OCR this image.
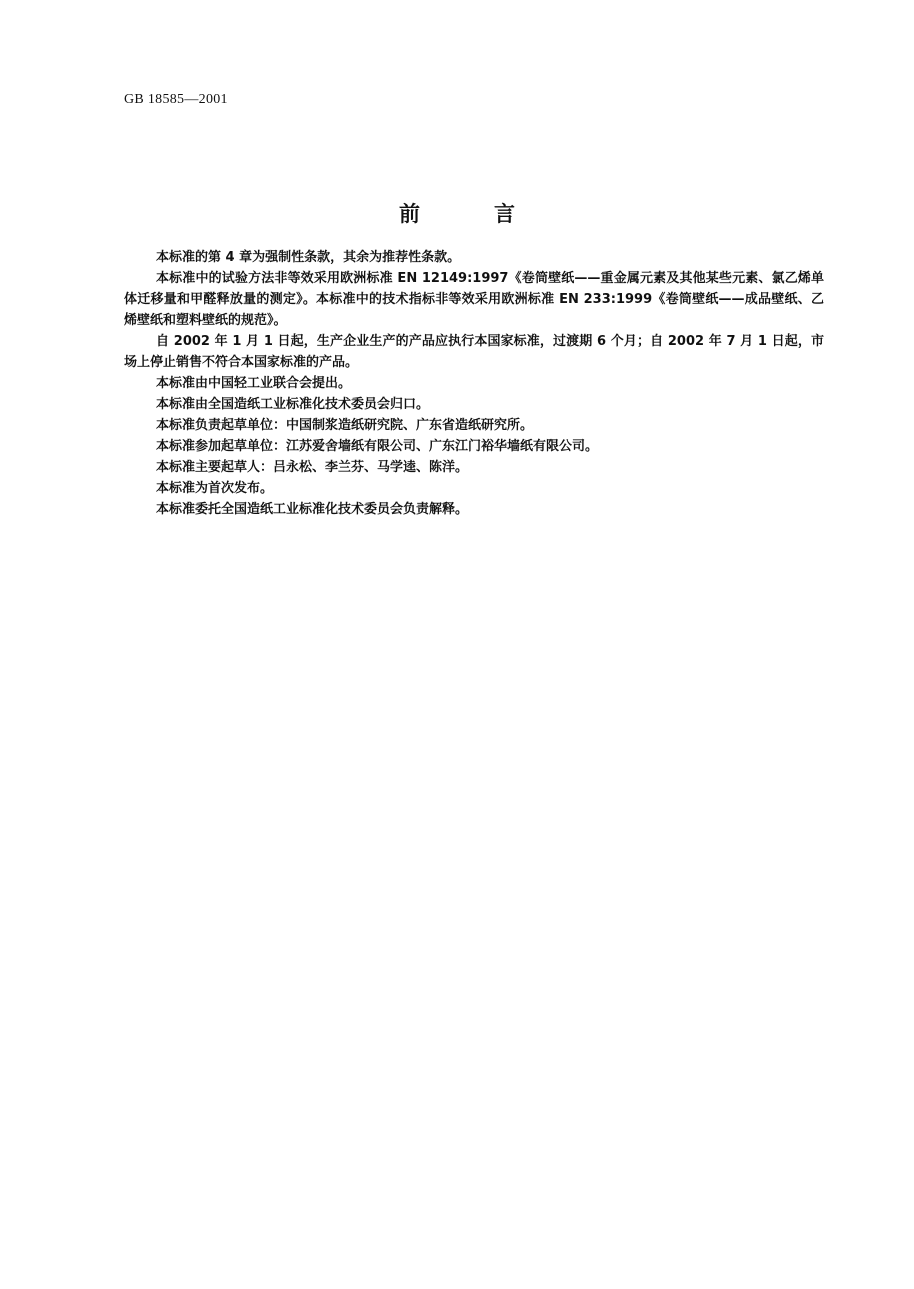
GB 18585—2001

前	言

本标准的第 4 章为强制性条款，其余为推荐性条款。

本标准中的试验方法非等效采用欧洲标准 EN 12149:1997《卷筒壁纸——重金属元素及其他某些元素、氯乙烯单体迁移量和甲醛释放量的测定》。本标准中的技术指标非等效采用欧洲标准 EN 233:1999《卷筒壁纸——成品壁纸、乙烯壁纸和塑料壁纸的规范》。

自 2002 年 1 月 1 日起，生产企业生产的产品应执行本国家标准，过渡期 6 个月；自 2002 年 7 月 1 日起，市场上停止销售不符合本国家标准的产品。

本标准由中国轻工业联合会提出。

本标准由全国造纸工业标准化技术委员会归口。

本标准负责起草单位：中国制浆造纸研究院、广东省造纸研究所。

本标准参加起草单位：江苏爱舍墙纸有限公司、广东江门裕华墙纸有限公司。

本标准主要起草人：吕永松、李兰芬、马学逵、陈洋。

本标准为首次发布。

本标准委托全国造纸工业标准化技术委员会负责解释。
